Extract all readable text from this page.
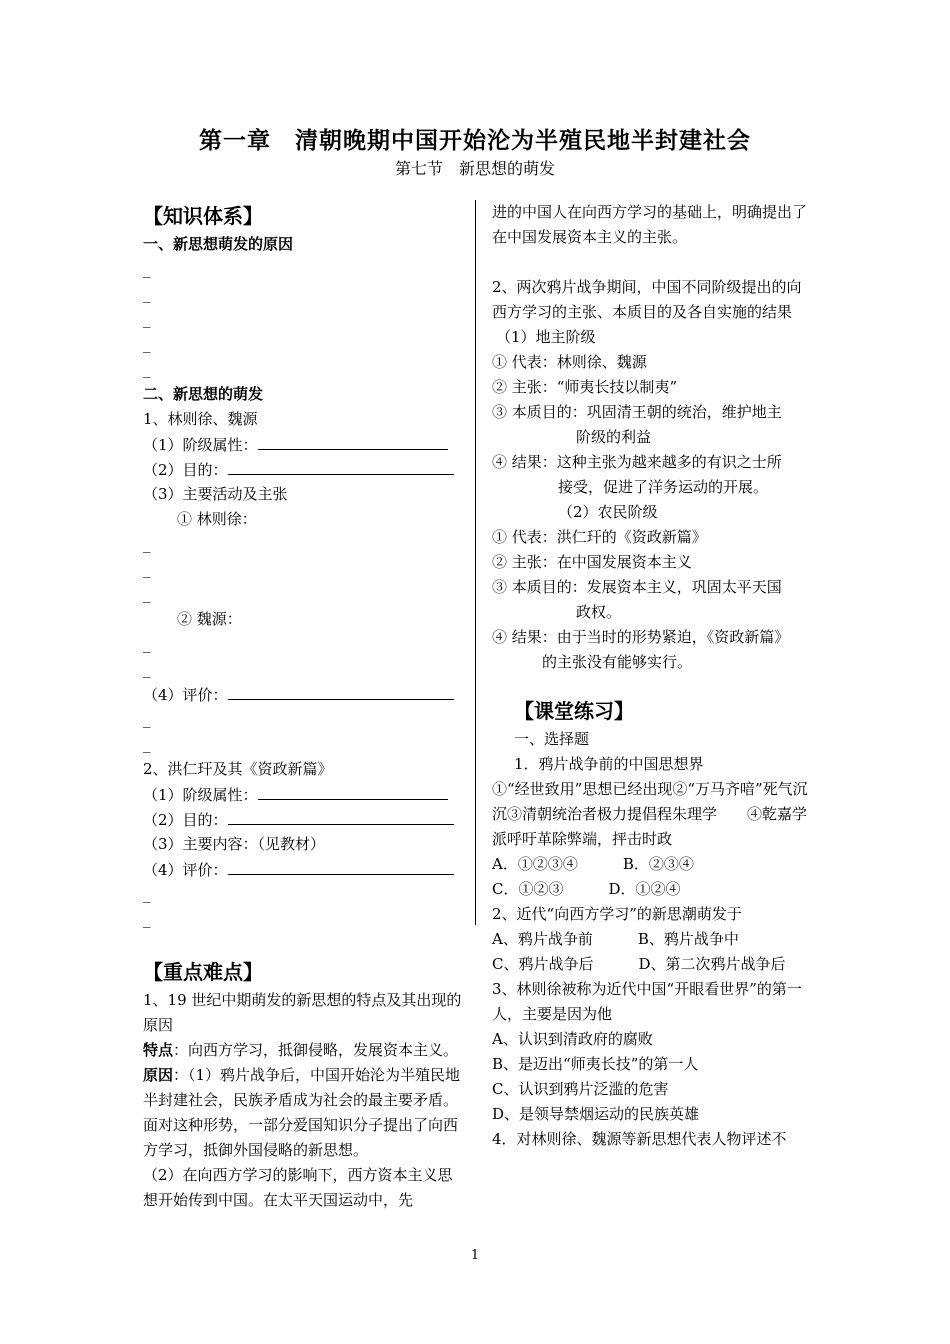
第一章　清朝晚期中国开始沦为半殖民地半封建社会
第七节　新思想的萌发
【知识体系】
一、新思想萌发的原因
_
_
_
_
_
二、新思想的萌发
1、林则徐、魏源
（1）阶级属性：
（2）目的：
（3）主要活动及主张
① 林则徐：
_
_
_
② 魏源：
_
_
（4）评价：
_
_
2、洪仁玕及其《资政新篇》
（1）阶级属性：
（2）目的：
（3）主要内容：（见教材）
（4）评价：
_
_
【重点难点】
1、19 世纪中期萌发的新思想的特点及其出现的原因
特点：向西方学习，抵御侵略，发展资本主义。
原因：（1）鸦片战争后，中国开始沦为半殖民地半封建社会，民族矛盾成为社会的最主要矛盾。面对这种形势，一部分爱国知识分子提出了向西方学习，抵御外国侵略的新思想。
（2）在向西方学习的影响下，西方资本主义思想开始传到中国。在太平天国运动中，先
进的中国人在向西方学习的基础上，明确提出了在中国发展资本主义的主张。
2、两次鸦片战争期间，中国不同阶级提出的向西方学习的主张、本质目的及各自实施的结果
（1）地主阶级
① 代表：林则徐、魏源
② 主张：“师夷长技以制夷”
③ 本质目的：巩固清王朝的统治，维护地主
阶级的利益
④ 结果：这种主张为越来越多的有识之士所
接受，促进了洋务运动的开展。
（2）农民阶级
① 代表：洪仁玕的《资政新篇》
② 主张：在中国发展资本主义
③ 本质目的：发展资本主义，巩固太平天国
政权。
④ 结果：由于当时的形势紧迫，《资政新篇》
的主张没有能够实行。
【课堂练习】
一、选择题
1．鸦片战争前的中国思想界
①“经世致用”思想已经出现②“万马齐喑”死气沉沉③清朝统治者极力提倡程朱理学　　④乾嘉学派呼吁革除弊端，抨击时政
A．①②③④　　　B．②③④
C．①②③　　　D．①②④
2、近代“向西方学习”的新思潮萌发于
A、鸦片战争前　　　B、鸦片战争中
C、鸦片战争后　　　D、第二次鸦片战争后
3、林则徐被称为近代中国“开眼看世界”的第一人，主要是因为他
A、认识到清政府的腐败
B、是迈出“师夷长技”的第一人
C、认识到鸦片泛滥的危害
D、是领导禁烟运动的民族英雄
4．对林则徐、魏源等新思想代表人物评述不
1
